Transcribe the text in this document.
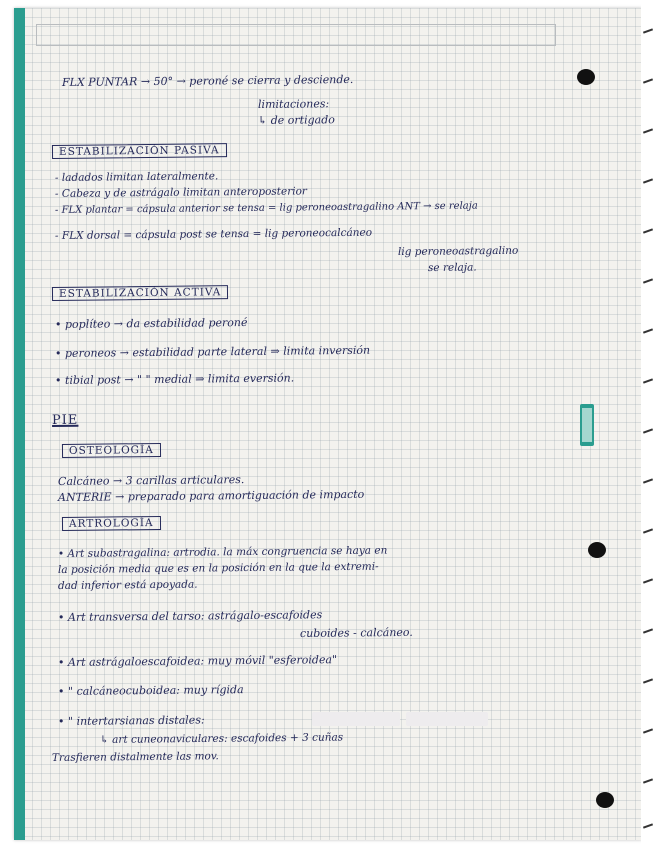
FLX PUNTAR → 50° → peroné se cierra y desciende.
limitaciones:
↳ de ortigado
ESTABILIZACIÓN PASIVA
- ladados limitan lateralmente.
- Cabeza y de astrágalo limitan anteroposterior
- FLX plantar = cápsula anterior se tensa = lig peroneoastragalino ANT → se relaja
- FLX dorsal = cápsula post se tensa = lig peroneocalcáneo
lig peroneoastragalino
se relaja.
ESTABILIZACIÓN ACTIVA
• poplíteo → da estabilidad peroné
• peroneos → estabilidad parte lateral ⇒ limita inversión
• tibial post → " " medial ⇒ limita eversión.
PIE
OSTEOLOGÍA
Calcáneo → 3 carillas articulares.
ANTERIE → preparado para amortiguación de impacto
ARTROLOGÍA
• Art subastragalina: artrodia. la máx congruencia se haya en
la posición media que es en la posición en la que la extremi-
dad inferior está apoyada.
• Art transversa del tarso: astrágalo-escafoides
cuboides - calcáneo.
• Art astrágaloescafoidea: muy móvil "esferoidea"
• " calcáneocuboidea: muy rígida
• " intertarsianas distales:
↳ art cuneonaviculares: escafoides + 3 cuñas
Trasfieren distalmente las mov.
